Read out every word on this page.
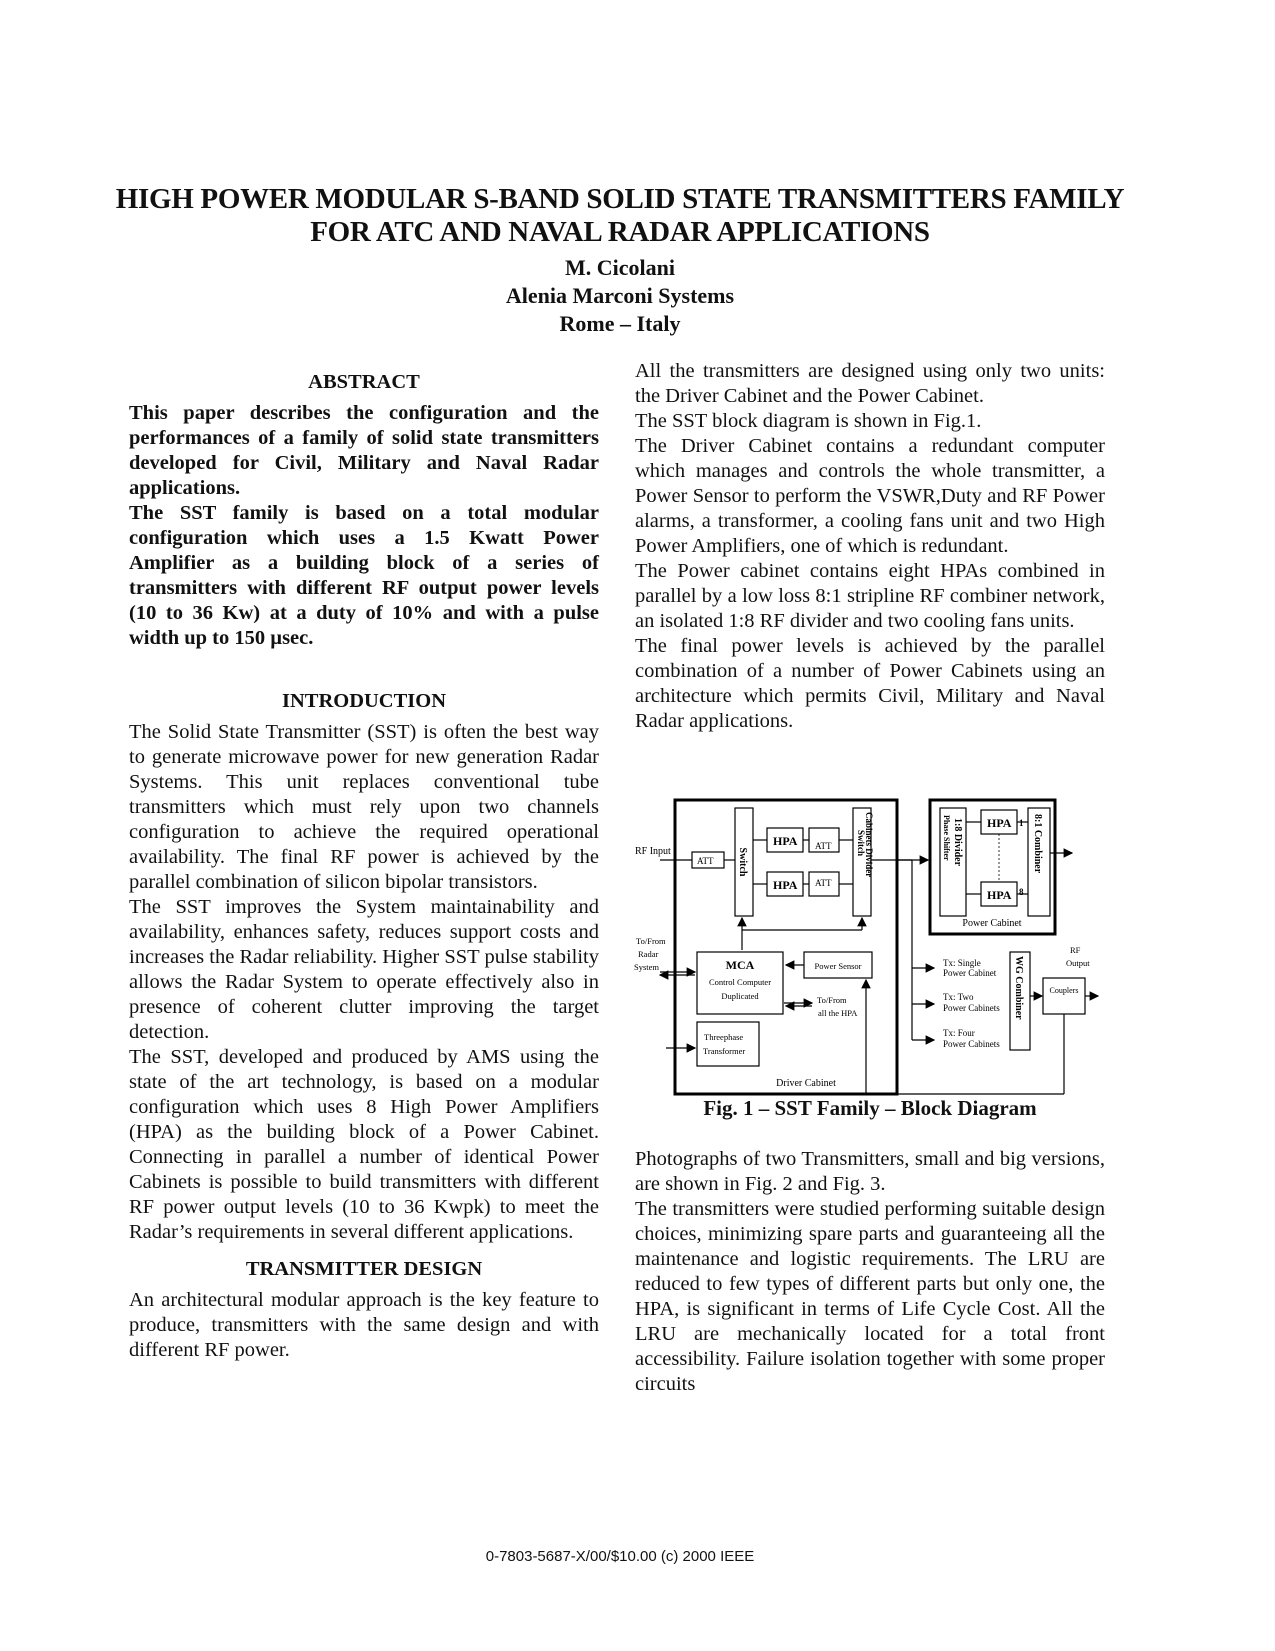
HIGH POWER MODULAR S-BAND SOLID STATE TRANSMITTERS FAMILY
FOR ATC AND NAVAL RADAR APPLICATIONS
M. Cicolani
Alenia Marconi Systems
Rome – Italy

ABSTRACT

This paper describes the configuration and the performances of a family of solid state transmitters developed for Civil, Military and Naval Radar applications.

The SST family is based on a total modular configuration which uses a 1.5 Kwatt Power Amplifier as a building block of a series of transmitters with different RF output power levels (10 to 36 Kw) at a duty of 10% and with a pulse width up to 150 µsec.

INTRODUCTION

The Solid State Transmitter (SST) is often the best way to generate microwave power for new generation Radar Systems. This unit replaces conventional tube transmitters which must rely upon two channels configuration to achieve the required operational availability. The final RF power is achieved by the parallel combination of silicon bipolar transistors.

The SST improves the System maintainability and availability, enhances safety, reduces support costs and increases the Radar reliability. Higher SST pulse stability allows the Radar System to operate effectively also in presence of coherent clutter improving the target detection.

The SST, developed and produced by AMS using the state of the art technology, is based on a modular configuration which uses 8 High Power Amplifiers (HPA) as the building block of a Power Cabinet. Connecting in parallel a number of identical Power Cabinets is possible to build transmitters with different RF power output levels (10 to 36 Kwpk) to meet the Radar’s requirements in several different applications.

TRANSMITTER DESIGN

An architectural modular approach is the key feature to produce, transmitters with the same design and with different RF power.

All the transmitters are designed using only two units: the Driver Cabinet and the Power Cabinet.

The SST block diagram is shown in Fig.1.

The Driver Cabinet contains a redundant computer which manages and controls the whole transmitter, a Power Sensor to perform the VSWR,Duty and RF Power alarms, a transformer, a cooling fans unit and two High Power Amplifiers, one of which is redundant.

The Power cabinet contains eight HPAs combined in parallel by a low loss 8:1 stripline RF combiner network, an isolated 1:8 RF divider and two cooling fans units.

The final power levels is achieved by the parallel combination of a number of Power Cabinets using an architecture which permits Civil, Military and Naval Radar applications.

RF Input
ATT Switch
HPA ATT
HPA ATT
Cabinets Divider
Switch	1:8 Divider
Phase Shifter	HPA 1
HPA 8
8:1 Combiner
Power Cabinet
To/From
Radar
System	MCA
Control Computer
Duplicated
Power Sensor
To/From
all the HPA
Threephase
Transformer
Driver Cabinet
Tx: Single
Power Cabinet
Tx: Two
Power Cabinets
Tx: Four
Power Cabinets
WG Combiner
RF
Output
Couplers
Fig. 1 – SST Family – Block Diagram

Photographs of two Transmitters, small and big versions, are shown in Fig. 2 and Fig. 3.

The transmitters were studied performing suitable design choices, minimizing spare parts and guaranteeing all the maintenance and logistic requirements. The LRU are reduced to few types of different parts but only one, the HPA, is significant in terms of Life Cycle Cost. All the LRU are mechanically located for a total front accessibility. Failure isolation together with some proper circuits

0-7803-5687-X/00/$10.00 (c) 2000 IEEE
